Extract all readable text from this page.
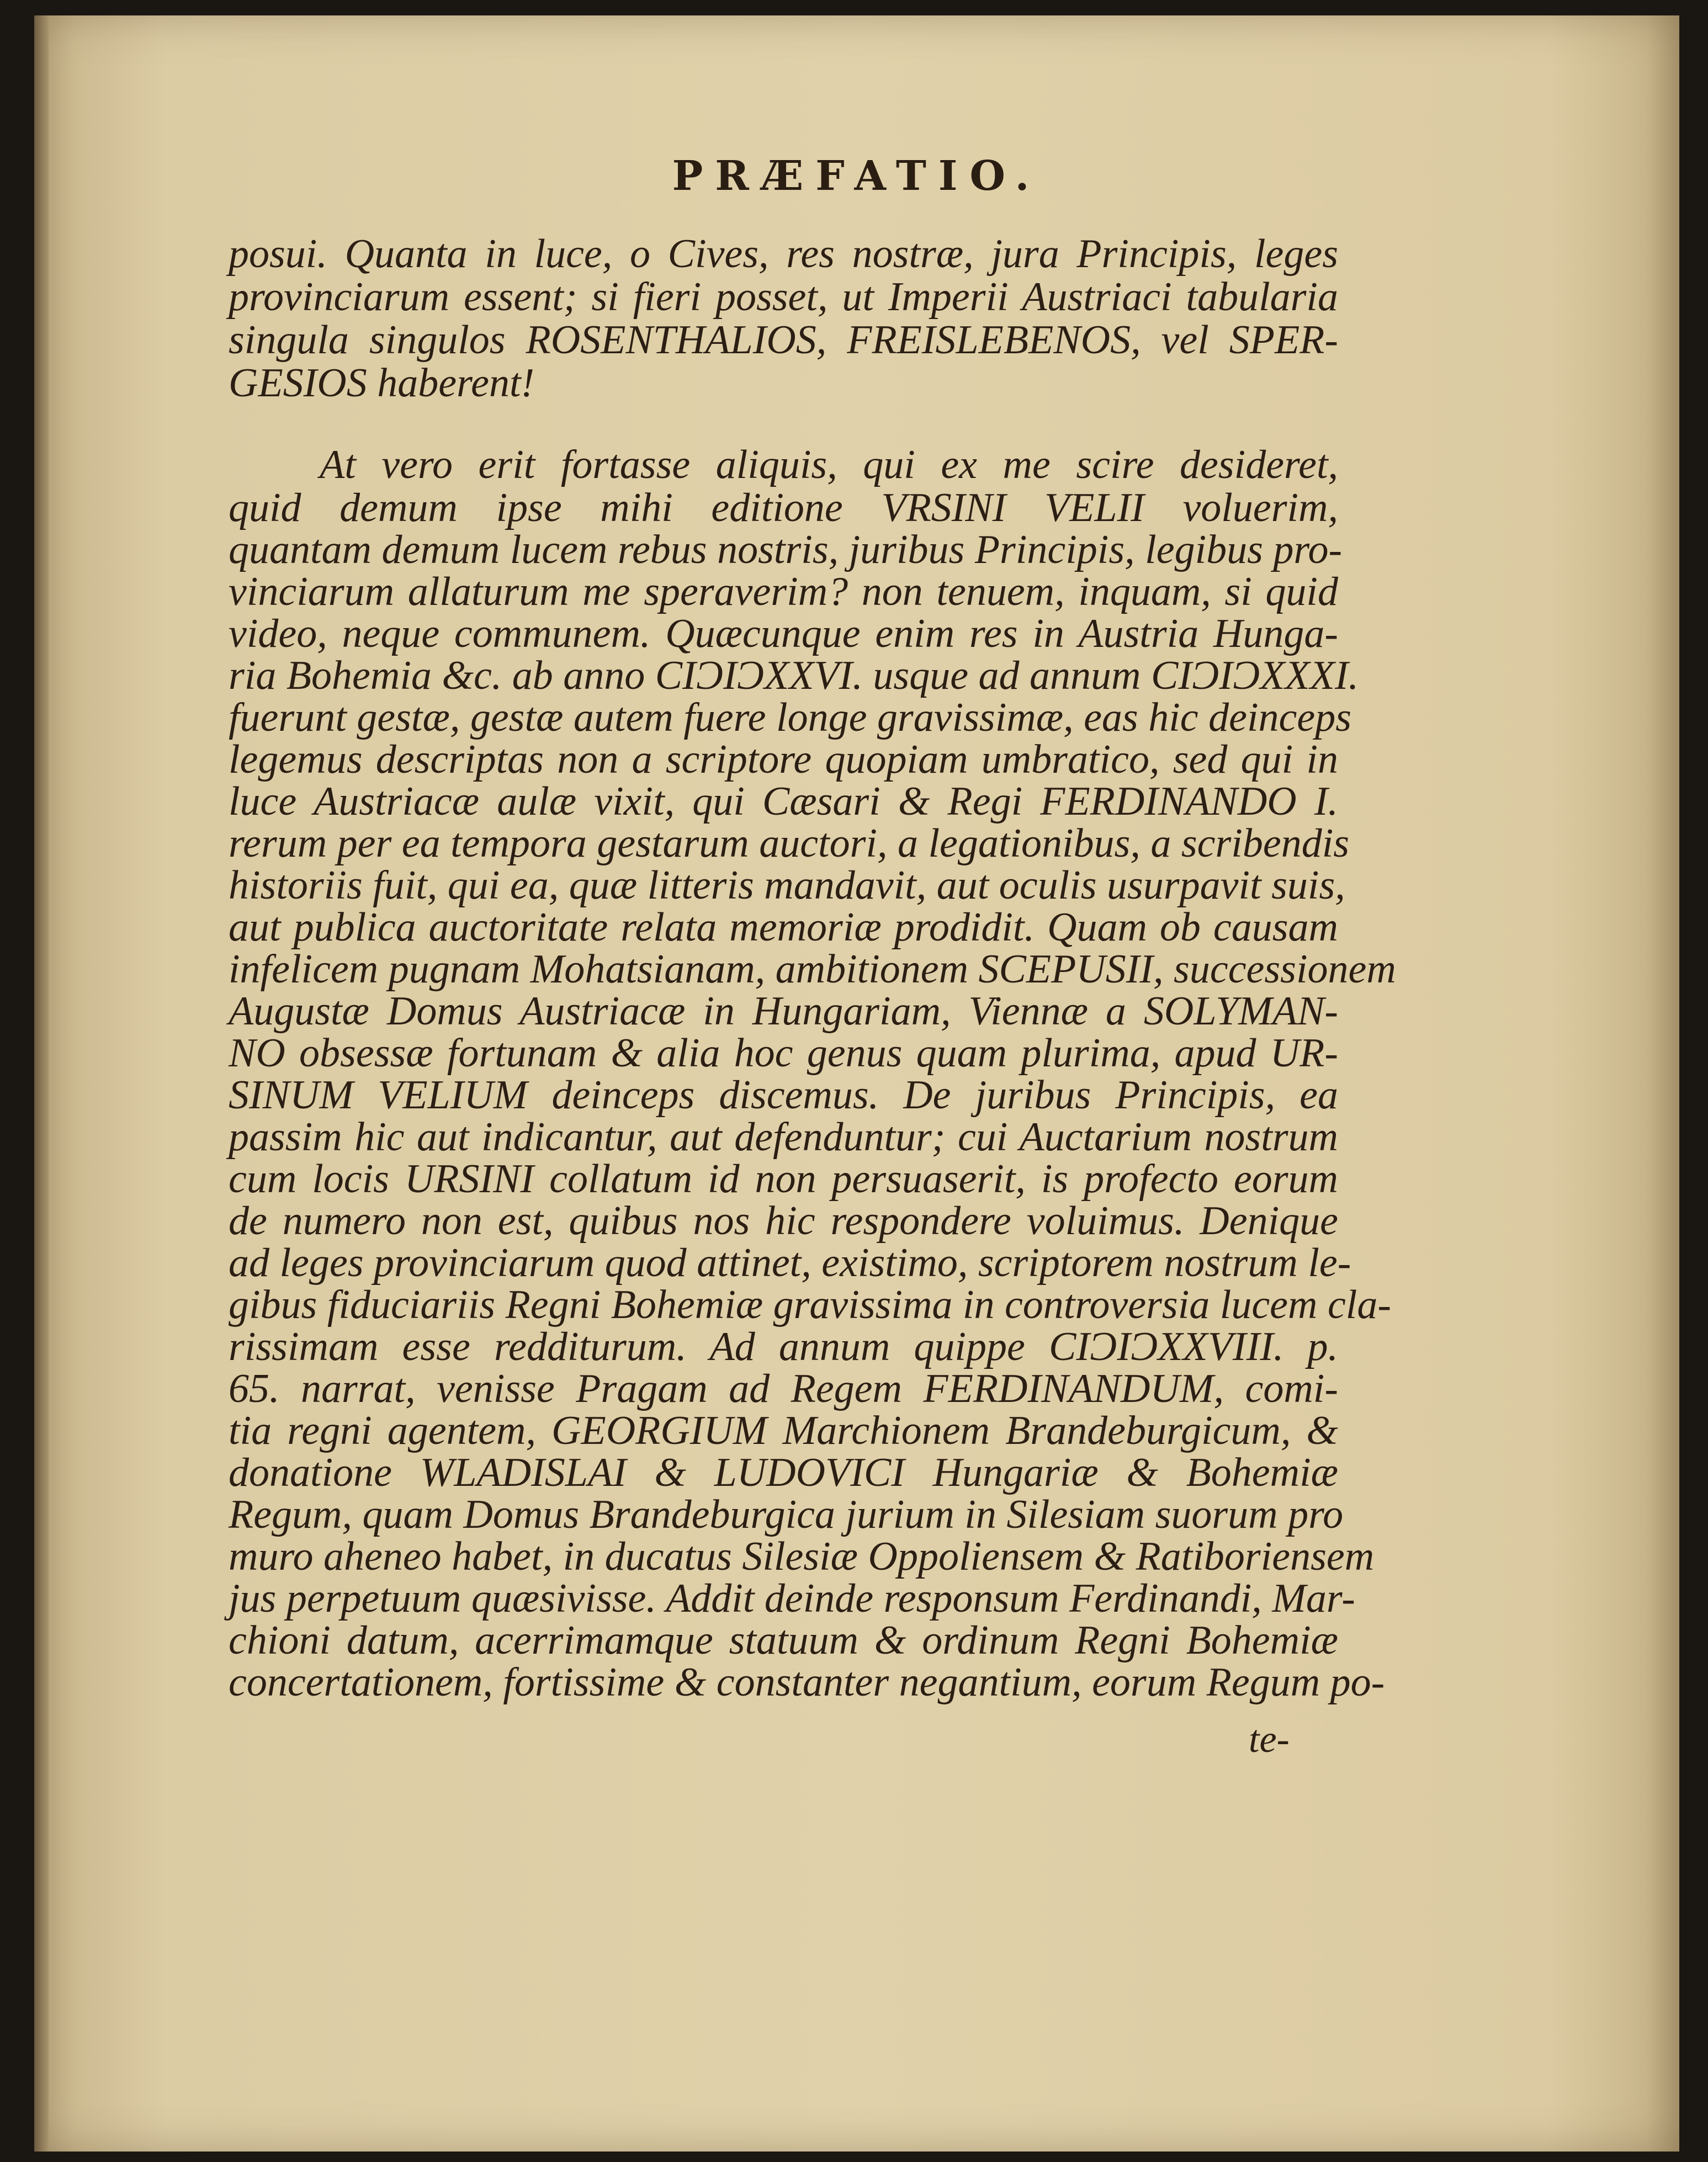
PRÆFATIO.
posui. Quanta in luce, o Cives, res nostræ, jura Principis, leges
provinciarum essent; si fieri posset, ut Imperii Austriaci tabularia
singula singulos ROSENTHALIOS, FREISLEBENOS, vel SPER-
GESIOS haberent!
At vero erit fortasse aliquis, qui ex me scire desideret,
quid demum ipse mihi editione VRSINI VELII voluerim,
quantam demum lucem rebus nostris, juribus Principis, legibus pro-
vinciarum allaturum me speraverim? non tenuem, inquam, si quid
video, neque communem. Quæcunque enim res in Austria Hunga-
ria Bohemia &c. ab anno CIƆIƆXXVI. usque ad annum CIƆIƆXXXI.
fuerunt gestæ, gestæ autem fuere longe gravissimæ, eas hic deinceps
legemus descriptas non a scriptore quopiam umbratico, sed qui in
luce Austriacæ aulæ vixit, qui Cæsari & Regi FERDINANDO I.
rerum per ea tempora gestarum auctori, a legationibus, a scribendis
historiis fuit, qui ea, quæ litteris mandavit, aut oculis usurpavit suis,
aut publica auctoritate relata memoriæ prodidit. Quam ob causam
infelicem pugnam Mohatsianam, ambitionem SCEPUSII, successionem
Augustæ Domus Austriacæ in Hungariam, Viennæ a SOLYMAN-
NO obsessæ fortunam & alia hoc genus quam plurima, apud UR-
SINUM VELIUM deinceps discemus. De juribus Principis, ea
passim hic aut indicantur, aut defenduntur; cui Auctarium nostrum
cum locis URSINI collatum id non persuaserit, is profecto eorum
de numero non est, quibus nos hic respondere voluimus. Denique
ad leges provinciarum quod attinet, existimo, scriptorem nostrum le-
gibus fiduciariis Regni Bohemiæ gravissima in controversia lucem cla-
rissimam esse redditurum. Ad annum quippe CIƆIƆXXVIII. p.
65. narrat, venisse Pragam ad Regem FERDINANDUM, comi-
tia regni agentem, GEORGIUM Marchionem Brandeburgicum, &
donatione WLADISLAI & LUDOVICI Hungariæ & Bohemiæ
Regum, quam Domus Brandeburgica jurium in Silesiam suorum pro
muro aheneo habet, in ducatus Silesiæ Oppoliensem & Ratiboriensem
jus perpetuum quæsivisse. Addit deinde responsum Ferdinandi, Mar-
chioni datum, acerrimamque statuum & ordinum Regni Bohemiæ
concertationem, fortissime & constanter negantium, eorum Regum po-
te-
